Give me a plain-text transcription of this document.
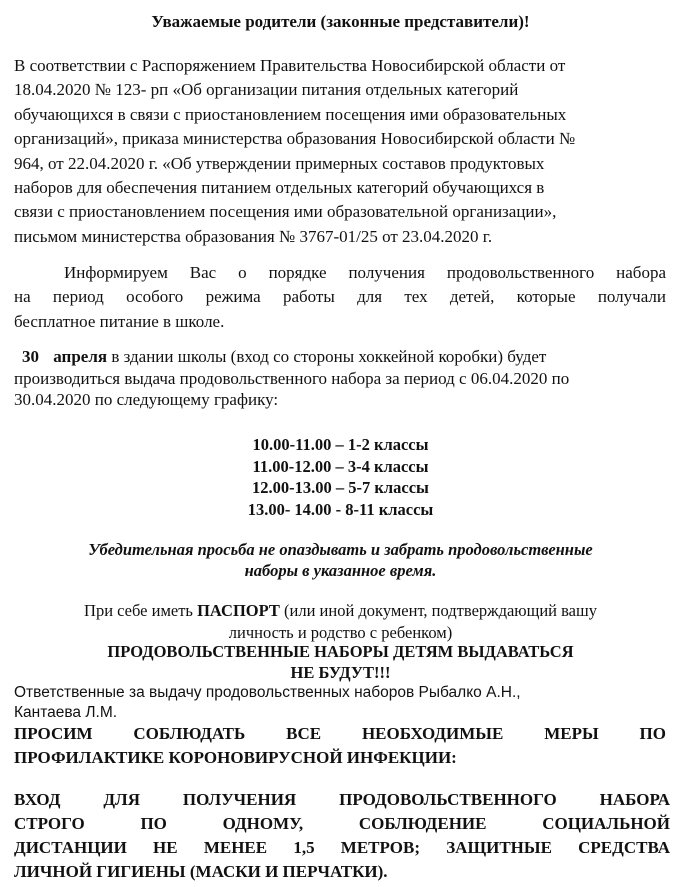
Уважаемые родители (законные представители)!
В соответствии с Распоряжением Правительства Новосибирской области от
18.04.2020 № 123- рп «Об организации питания отдельных категорий
обучающихся в связи с приостановлением посещения ими образовательных
организаций», приказа министерства образования Новосибирской области №
964, от 22.04.2020 г. «Об утверждении примерных составов продуктовых
наборов для обеспечения питанием отдельных категорий обучающихся в
связи с приостановлением посещения ими образовательной организации»,
письмом министерства образования № 3767-01/25 от 23.04.2020 г.
Информируем Вас о порядке получения продовольственного набора
на период особого режима работы для тех детей, которые получали
бесплатное питание в школе.
30 апреля в здании школы (вход со стороны хоккейной коробки) будет
производиться выдача продовольственного набора за период с 06.04.2020 по
30.04.2020 по следующему графику:
10.00-11.00 – 1-2 классы
11.00-12.00 – 3-4 классы
12.00-13.00 – 5-7 классы
13.00- 14.00 - 8-11 классы
Убедительная просьба не опаздывать и забрать продовольственные
наборы в указанное время.
При себе иметь ПАСПОРТ (или иной документ, подтверждающий вашу
личность и родство с ребенком)
ПРОДОВОЛЬСТВЕННЫЕ НАБОРЫ ДЕТЯМ ВЫДАВАТЬСЯ
НЕ БУДУТ!!!
Ответственные за выдачу продовольственных наборов Рыбалко А.Н.,
Кантаева Л.М.
ПРОСИМ СОБЛЮДАТЬ ВСЕ НЕОБХОДИМЫЕ МЕРЫ ПО
ПРОФИЛАКТИКЕ КОРОНОВИРУСНОЙ ИНФЕКЦИИ:
ВХОД ДЛЯ ПОЛУЧЕНИЯ ПРОДОВОЛЬСТВЕННОГО НАБОРА
СТРОГО ПО ОДНОМУ, СОБЛЮДЕНИЕ СОЦИАЛЬНОЙ
ДИСТАНЦИИ НЕ МЕНЕЕ 1,5 МЕТРОВ; ЗАЩИТНЫЕ СРЕДСТВА
ЛИЧНОЙ ГИГИЕНЫ (МАСКИ И ПЕРЧАТКИ).
